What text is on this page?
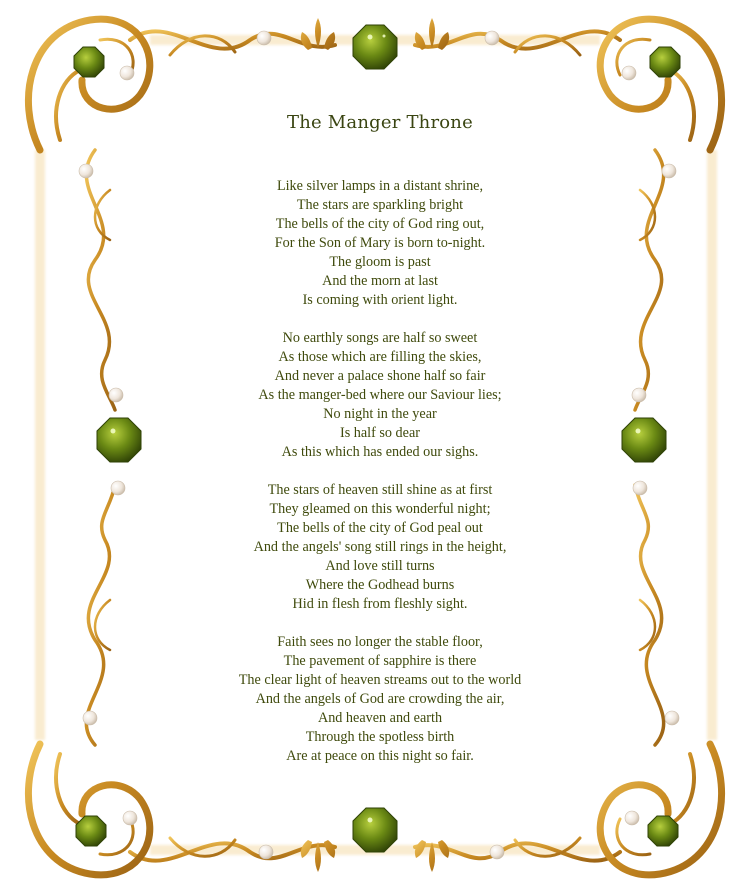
The Manger Throne
Like silver lamps in a distant shrine,
The stars are sparkling bright
The bells of the city of God ring out,
For the Son of Mary is born to-night.
The gloom is past
And the morn at last
Is coming with orient light.
No earthly songs are half so sweet
As those which are filling the skies,
And never a palace shone half so fair
As the manger-bed where our Saviour lies;
No night in the year
Is half so dear
As this which has ended our sighs.
The stars of heaven still shine as at first
They gleamed on this wonderful night;
The bells of the city of God peal out
And the angels' song still rings in the height,
And love still turns
Where the Godhead burns
Hid in flesh from fleshly sight.
Faith sees no longer the stable floor,
The pavement of sapphire is there
The clear light of heaven streams out to the world
And the angels of God are crowding the air,
And heaven and earth
Through the spotless birth
Are at peace on this night so fair.
